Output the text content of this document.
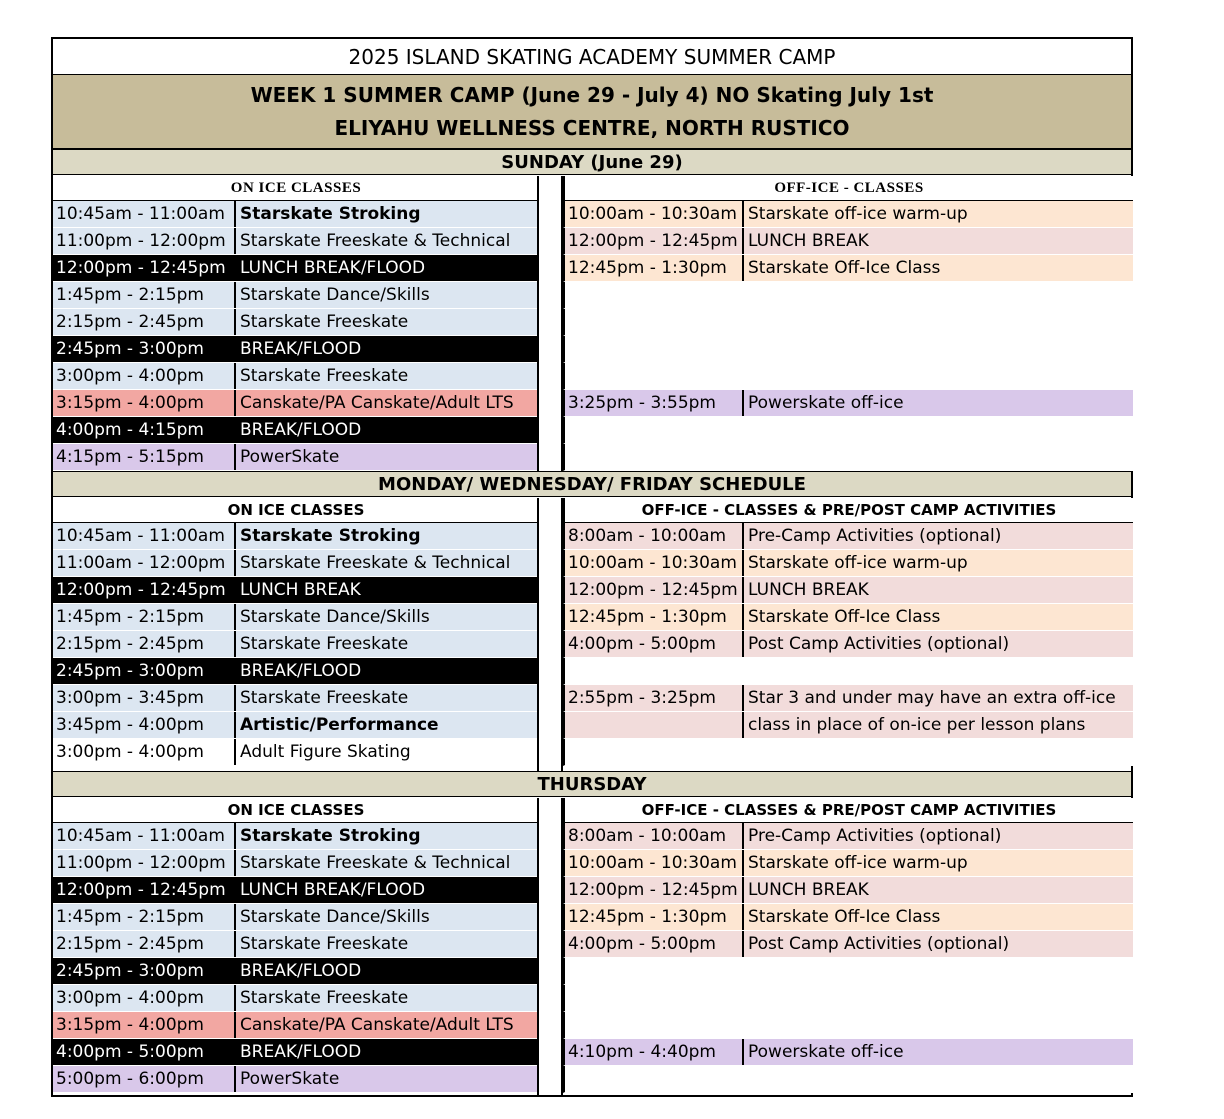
2025 ISLAND SKATING ACADEMY SUMMER CAMP
WEEK 1 SUMMER CAMP (June 29 - July 4) NO Skating July 1st
ELIYAHU WELLNESS CENTRE, NORTH RUSTICO
SUNDAY (June 29)
ON ICE CLASSES
10:45am - 11:00am Starskate Stroking
11:00pm - 12:00pm Starskate Freeskate & Technical
12:00pm - 12:45pm LUNCH BREAK/FLOOD
1:45pm - 2:15pm	Starskate Dance/Skills
2:15pm - 2:45pm	Starskate Freeskate
2:45pm - 3:00pm	BREAK/FLOOD
3:00pm - 4:00pm	Starskate Freeskate
3:15pm - 4:00pm	Canskate/PA Canskate/Adult LTS
4:00pm - 4:15pm	BREAK/FLOOD
4:15pm - 5:15pm	PowerSkate
OFF-ICE - CLASSES
10:00am - 10:30am Starskate off-ice warm-up
12:00pm - 12:45pm LUNCH BREAK
12:45pm - 1:30pm	Starskate Off-Ice Class
3:25pm - 3:55pm	Powerskate off-ice
MONDAY/ WEDNESDAY/ FRIDAY SCHEDULE
ON ICE CLASSES
10:45am - 11:00am Starskate Stroking
11:00am - 12:00pm Starskate Freeskate & Technical
12:00pm - 12:45pm LUNCH BREAK
1:45pm - 2:15pm	Starskate Dance/Skills
2:15pm - 2:45pm	Starskate Freeskate
2:45pm - 3:00pm	BREAK/FLOOD
3:00pm - 3:45pm	Starskate Freeskate
3:45pm - 4:00pm	Artistic/Performance
3:00pm - 4:00pm	Adult Figure Skating
OFF-ICE - CLASSES & PRE/POST CAMP ACTIVITIES
8:00am - 10:00am	Pre-Camp Activities (optional)
10:00am - 10:30am Starskate off-ice warm-up
12:00pm - 12:45pm LUNCH BREAK
12:45pm - 1:30pm	Starskate Off-Ice Class
4:00pm - 5:00pm	Post Camp Activities (optional)
2:55pm - 3:25pm	Star 3 and under may have an extra off-ice
class in place of on-ice per lesson plans
THURSDAY
ON ICE CLASSES
10:45am - 11:00am Starskate Stroking
11:00pm - 12:00pm Starskate Freeskate & Technical
12:00pm - 12:45pm LUNCH BREAK/FLOOD
1:45pm - 2:15pm	Starskate Dance/Skills
2:15pm - 2:45pm	Starskate Freeskate
2:45pm - 3:00pm	BREAK/FLOOD
3:00pm - 4:00pm	Starskate Freeskate
3:15pm - 4:00pm	Canskate/PA Canskate/Adult LTS
4:00pm - 5:00pm	BREAK/FLOOD
5:00pm - 6:00pm	PowerSkate
OFF-ICE - CLASSES & PRE/POST CAMP ACTIVITIES
8:00am - 10:00am	Pre-Camp Activities (optional)
10:00am - 10:30am Starskate off-ice warm-up
12:00pm - 12:45pm LUNCH BREAK
12:45pm - 1:30pm	Starskate Off-Ice Class
4:00pm - 5:00pm	Post Camp Activities (optional)
4:10pm - 4:40pm	Powerskate off-ice
